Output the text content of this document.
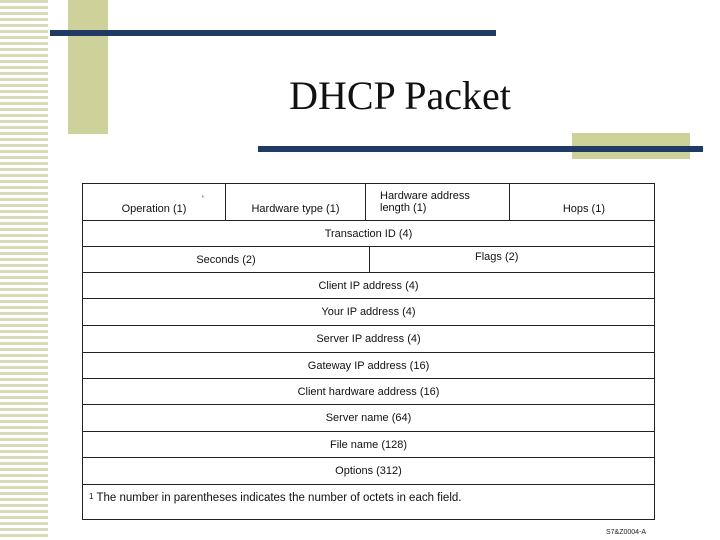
DHCP Packet
Operation (1)
'
Hardware type (1)
Hardware address
length (1)	Hops (1)
Transaction ID (4)
Seconds (2)	Flags (2)
Client IP address (4)
Your IP address (4)
Server IP address (4)
Gateway IP address (16)
Client hardware address (16)
Server name (64)
File name (128)
Options (312)
$^1$ The number in parentheses indicates the number of octets in each field.
S7&Z0004-A
